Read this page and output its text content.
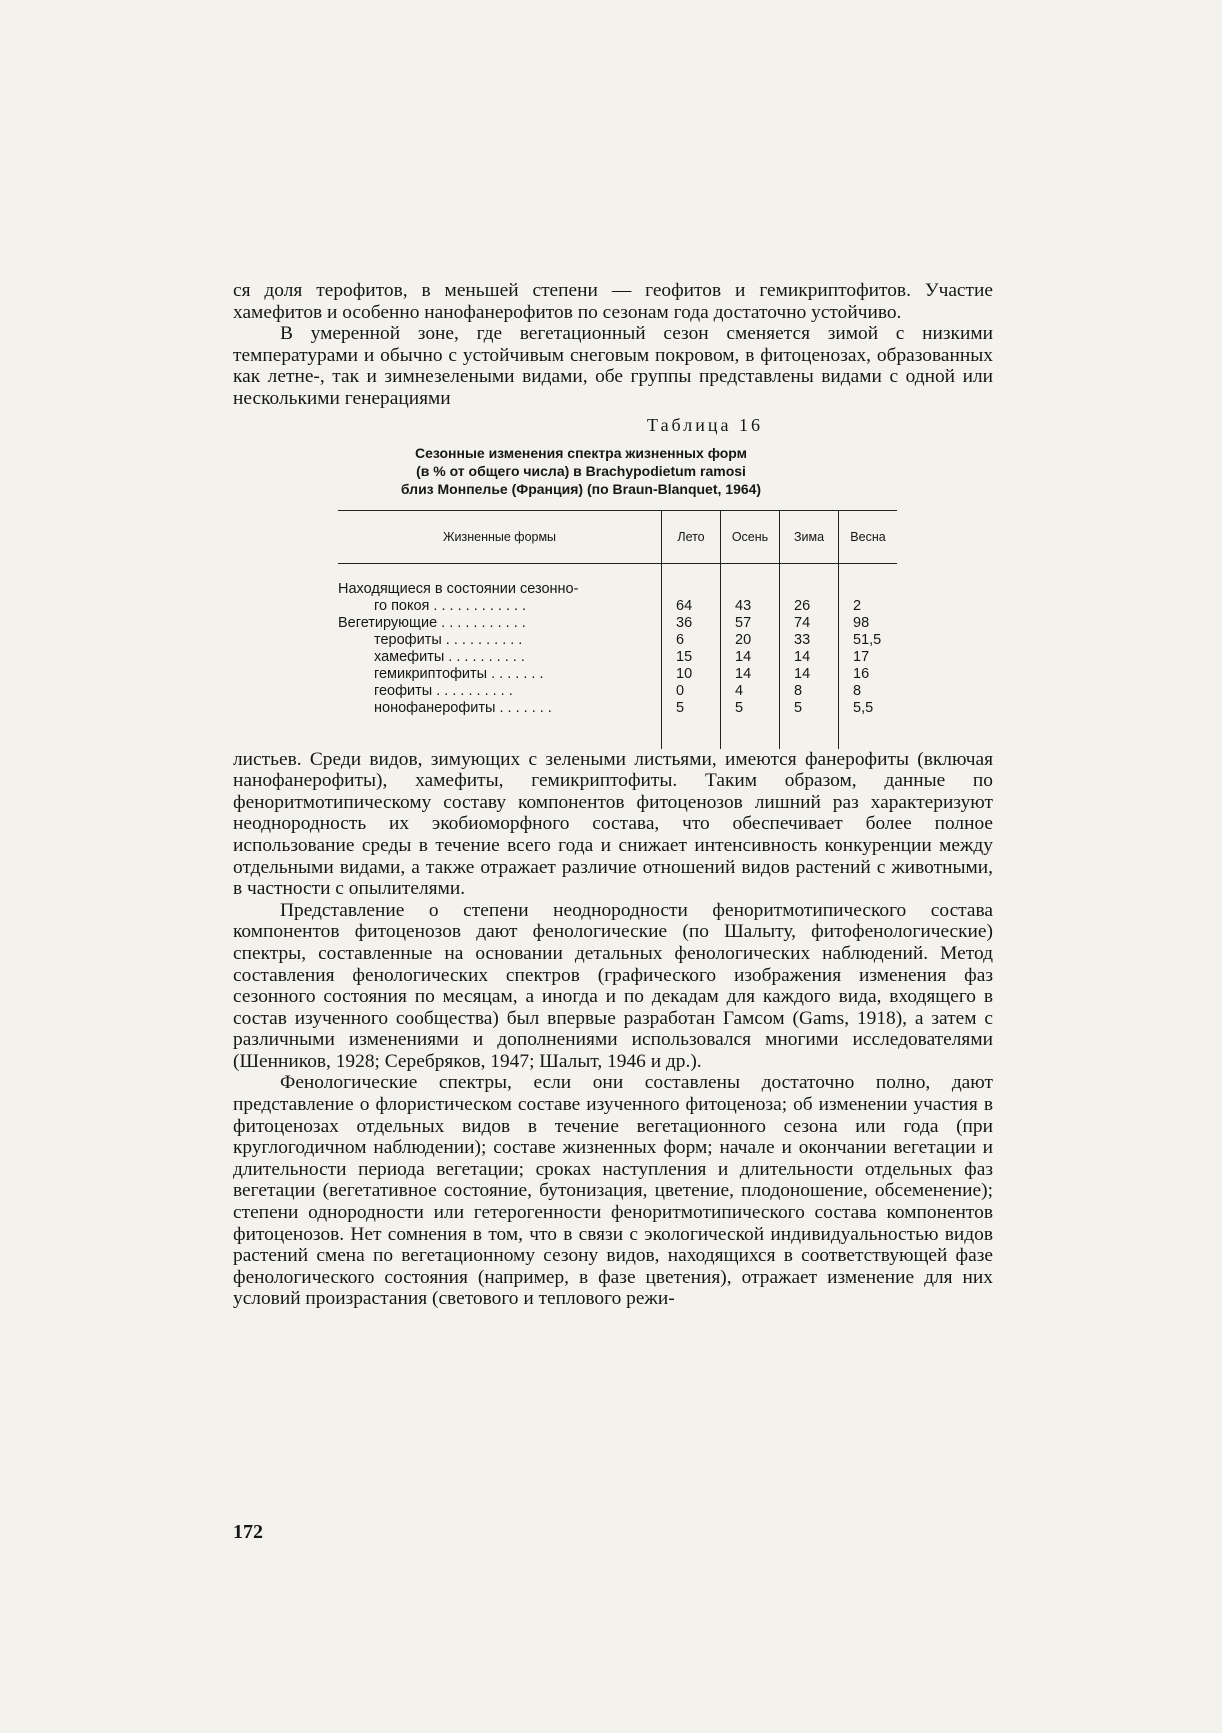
ся доля терофитов, в меньшей степени — геофитов и гемикриптофитов. Участие хамефитов и особенно нанофанерофитов по сезонам года достаточно устойчиво.

В умеренной зоне, где вегетационный сезон сменяется зимой с низкими температурами и обычно с устойчивым снеговым покровом, в фитоценозах, образованных как летне-, так и зимнезелеными видами, обе группы представлены видами с одной или несколькими генерациями

Таблица 16
Сезонные изменения спектра жизненных форм
(в % от общего числа) в Brachypodietum ramosi
близ Монпелье (Франция) (по Braun-Blanquet, 1964)
Жизненные формы	Лето	Осень	Зима	Весна

Находящиеся в состоянии сезонно-				

го покоя . . . . . . . . . . . .	64	43	26	2

Вегетирующие . . . . . . . . . . .	36	57	74	98

терофиты . . . . . . . . . .	6	20	33	51,5

хамефиты . . . . . . . . . .	15	14	14	17

гемикриптофиты . . . . . . .	10	14	14	16

геофиты . . . . . . . . . .	0	4	8	8

нонофанерофиты . . . . . . .	5	5	5	5,5

листьев. Среди видов, зимующих с зелеными листьями, имеются фанерофиты (включая нанофанерофиты), хамефиты, гемикриптофиты. Таким образом, данные по феноритмотипическому составу компонентов фитоценозов лишний раз характеризуют неоднородность их экобиоморфного состава, что обеспечивает более полное использование среды в течение всего года и снижает интенсивность конкуренции между отдельными видами, а также отражает различие отношений видов растений с животными, в частности с опылителями.

Представление о степени неоднородности феноритмотипического состава компонентов фитоценозов дают фенологические (по Шалыту, фитофенологические) спектры, составленные на основании детальных фенологических наблюдений. Метод составления фенологических спектров (графического изображения изменения фаз сезонного состояния по месяцам, а иногда и по декадам для каждого вида, входящего в состав изученного сообщества) был впервые разработан Гамсом (Gams, 1918), а затем с различными изменениями и дополнениями использовался многими исследователями (Шенников, 1928; Серебряков, 1947; Шалыт, 1946 и др.).

Фенологические спектры, если они составлены достаточно полно, дают представление о флористическом составе изученного фитоценоза; об изменении участия в фитоценозах отдельных видов в течение вегетационного сезона или года (при круглогодичном наблюдении); составе жизненных форм; начале и окончании вегетации и длительности периода вегетации; сроках наступления и длительности отдельных фаз вегетации (вегетативное состояние, бутонизация, цветение, плодоношение, обсеменение); степени однородности или гетерогенности феноритмотипического состава компонентов фитоценозов. Нет сомнения в том, что в связи с экологической индивидуальностью видов растений смена по вегетационному сезону видов, находящихся в соответствующей фазе фенологического состояния (например, в фазе цветения), отражает изменение для них условий произрастания (светового и теплового режи-

172
